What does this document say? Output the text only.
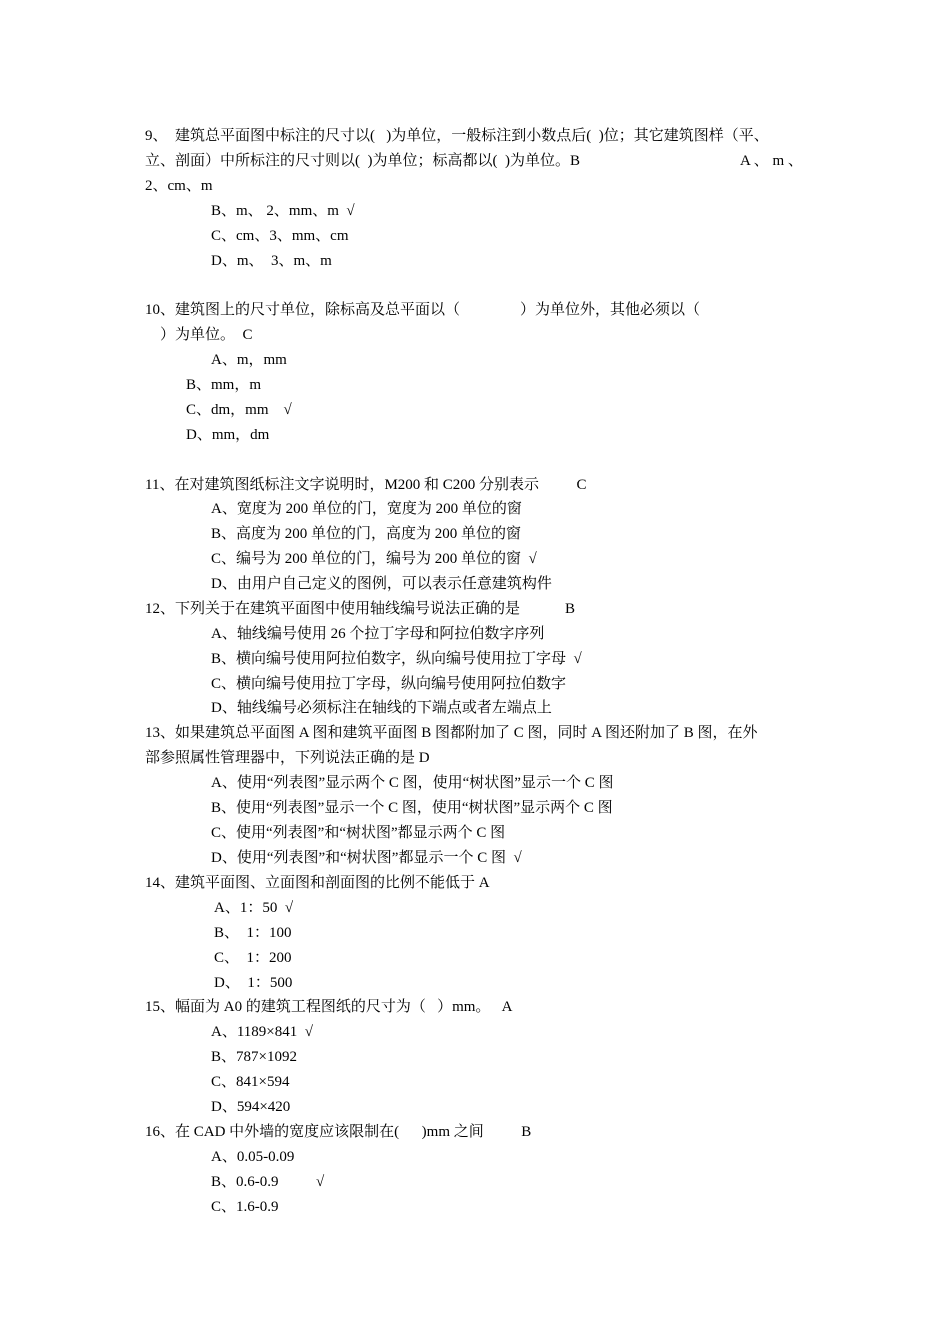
9、  建筑总平面图中标注的尺寸以(   )为单位，一般标注到小数点后(  )位；其它建筑图样（平、
立、剖面）中所标注的尺寸则以(  )为单位；标高都以(  )为单位。B	A 、 m 、
2、cm、m
B、m、 2、mm、m  √
C、cm、3、mm、cm
D、m、  3、m、m
10、建筑图上的尺寸单位，除标高及总平面以（                ）为单位外，其他必须以（
）为单位。  C
A、m，mm
B、mm，m
C、dm，mm    √
D、mm，dm
11、在对建筑图纸标注文字说明时，M200 和 C200 分别表示          C
A、宽度为 200 单位的门，宽度为 200 单位的窗
B、高度为 200 单位的门，高度为 200 单位的窗
C、编号为 200 单位的门，编号为 200 单位的窗  √
D、由用户自己定义的图例，可以表示任意建筑构件
12、下列关于在建筑平面图中使用轴线编号说法正确的是            B
A、轴线编号使用 26 个拉丁字母和阿拉伯数字序列
B、横向编号使用阿拉伯数字，纵向编号使用拉丁字母  √
C、横向编号使用拉丁字母，纵向编号使用阿拉伯数字
D、轴线编号必须标注在轴线的下端点或者左端点上
13、如果建筑总平面图 A 图和建筑平面图 B 图都附加了 C 图，同时 A 图还附加了 B 图，在外
部参照属性管理器中，下列说法正确的是 D
A、使用“列表图”显示两个 C 图，使用“树状图”显示一个 C 图
B、使用“列表图”显示一个 C 图，使用“树状图”显示两个 C 图
C、使用“列表图”和“树状图”都显示两个 C 图
D、使用“列表图”和“树状图”都显示一个 C 图  √
14、建筑平面图、立面图和剖面图的比例不能低于 A
A、1：50  √
B、  1：100
C、  1：200
D、  1：500
15、幅面为 A0 的建筑工程图纸的尺寸为（   ）mm。   A
A、1189×841  √
B、787×1092
C、841×594
D、594×420
16、在 CAD 中外墙的宽度应该限制在(      )mm 之间          B
A、0.05-0.09
B、0.6-0.9          √
C、1.6-0.9
